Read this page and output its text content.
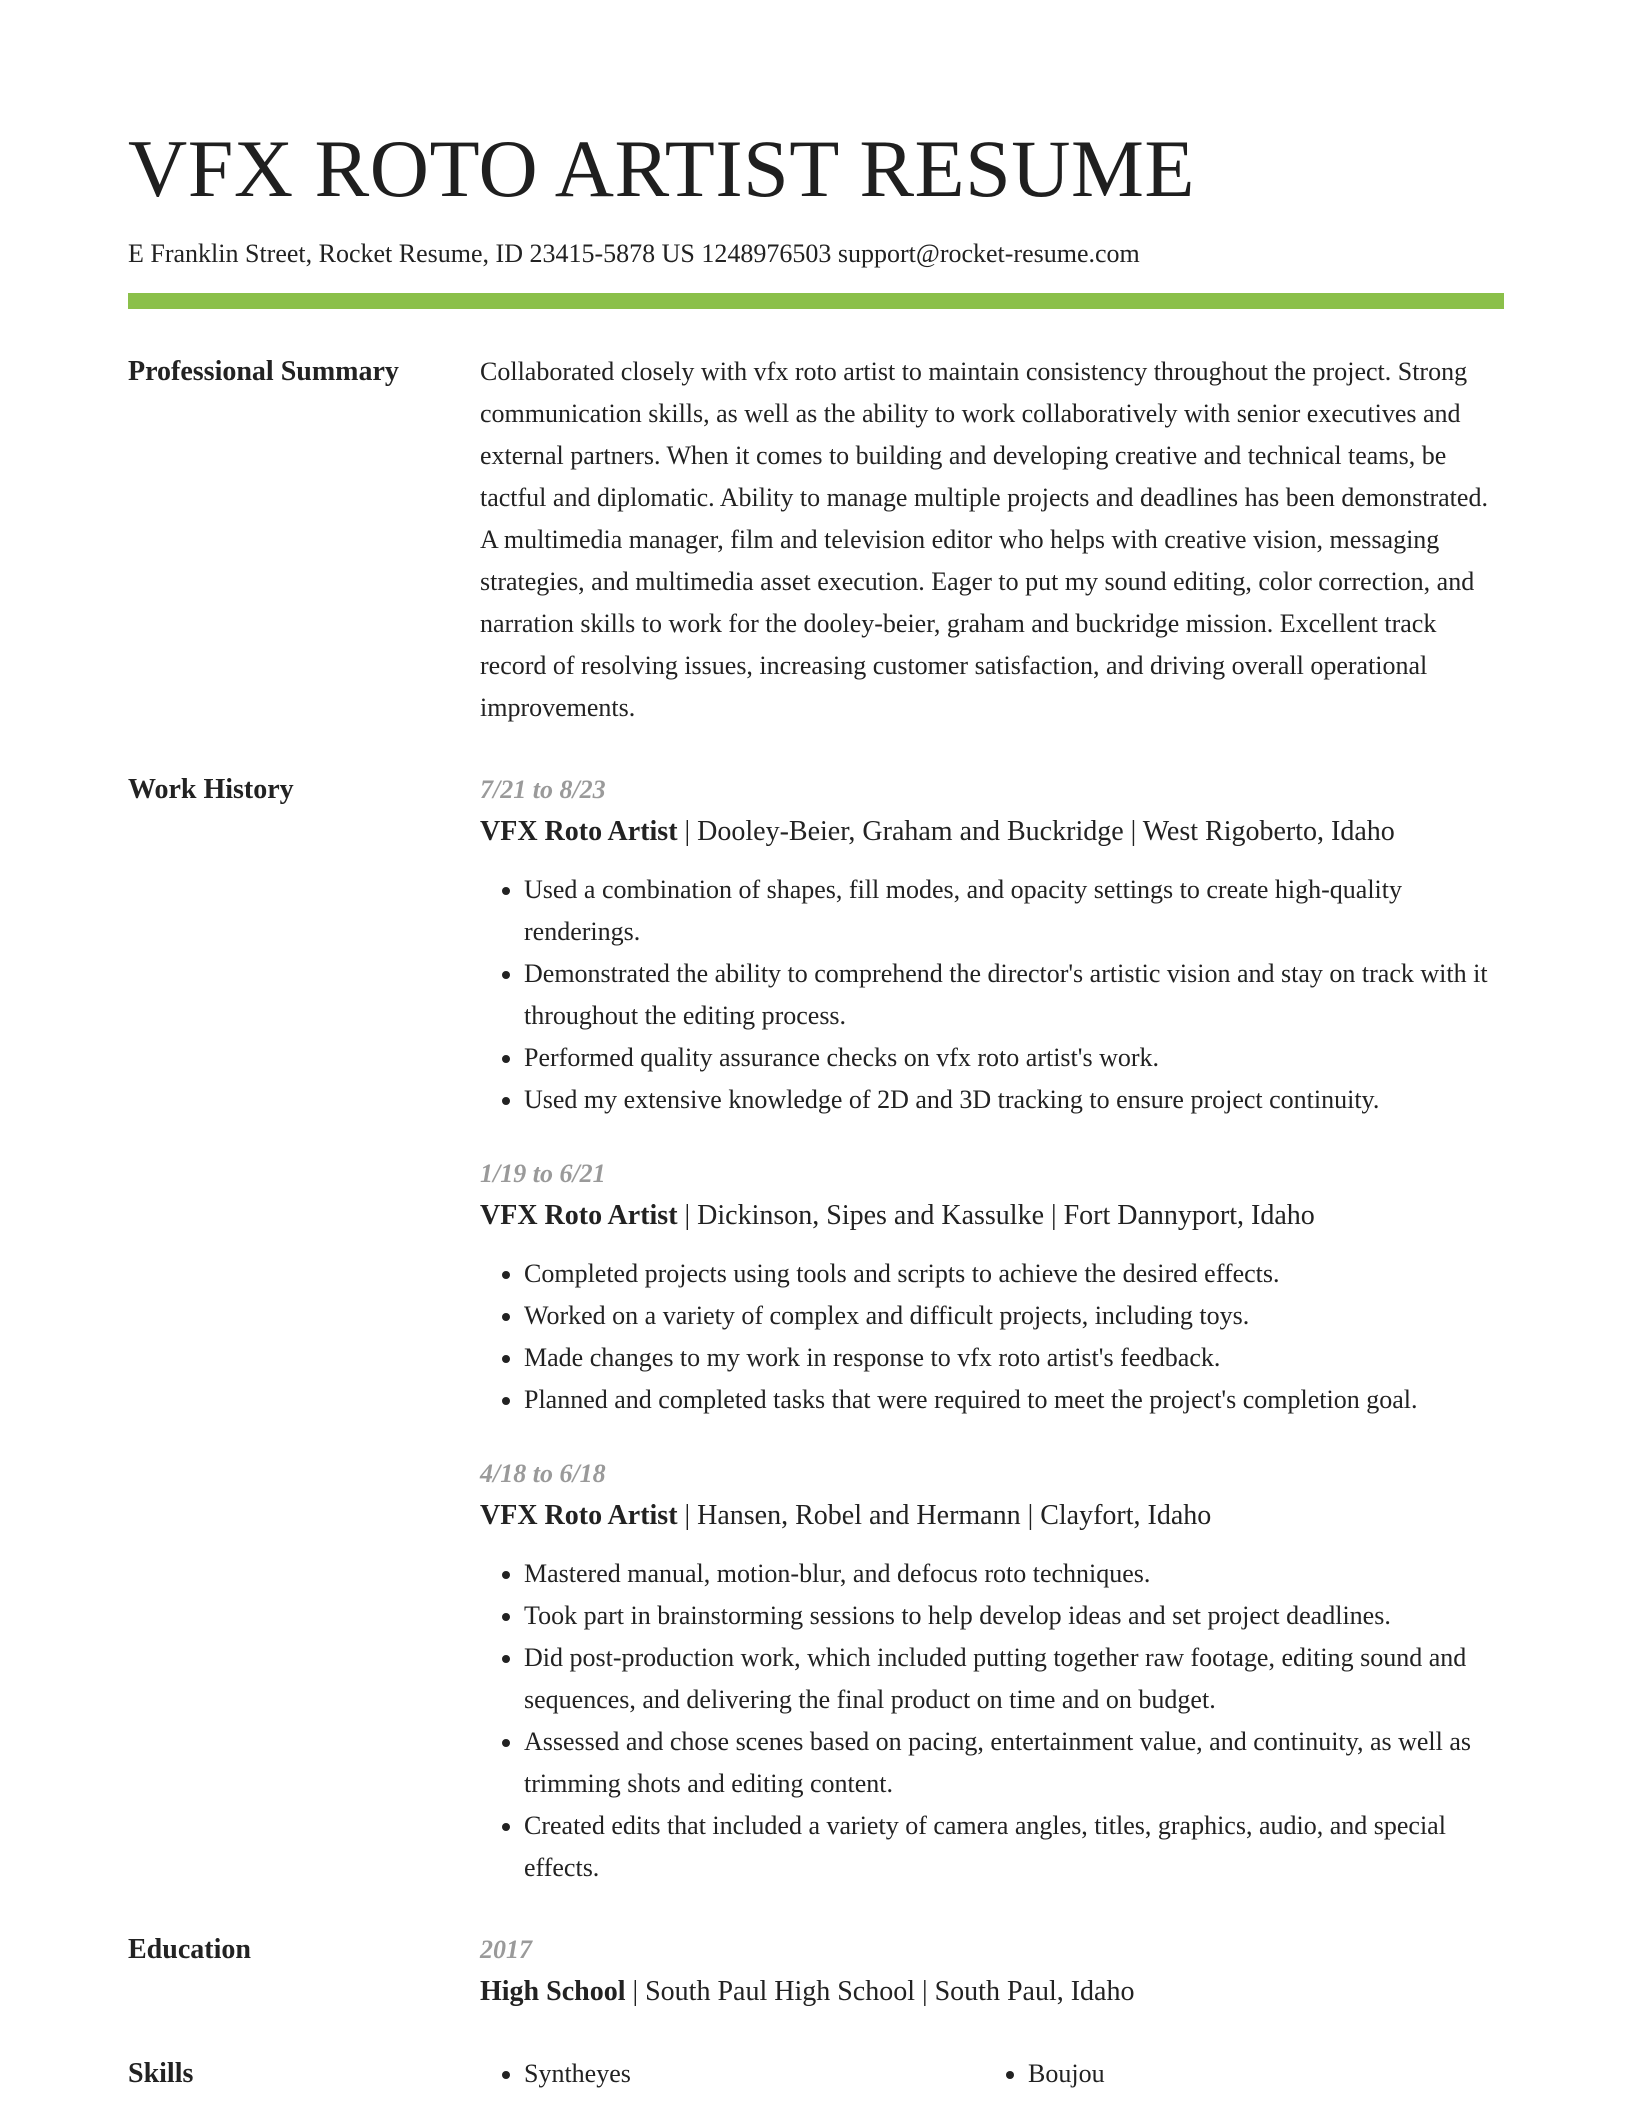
VFX ROTO ARTIST RESUME
E Franklin Street, Rocket Resume, ID 23415-5878 US 1248976503 support@rocket-resume.com
Professional Summary	Collaborated closely with vfx roto artist to maintain consistency throughout the project. Strong communication skills, as well as the ability to work collaboratively with senior executives and external partners. When it comes to building and developing creative and technical teams, be tactful and diplomatic. Ability to manage multiple projects and deadlines has been demonstrated. A multimedia manager, film and television editor who helps with creative vision, messaging strategies, and multimedia asset execution. Eager to put my sound editing, color correction, and narration skills to work for the dooley-beier, graham and buckridge mission. Excellent track record of resolving issues, increasing customer satisfaction, and driving overall operational improvements.

Work History	7/21 to 8/23
VFX Roto Artist | Dooley-Beier, Graham and Buckridge | West Rigoberto, Idaho
• Used a combination of shapes, fill modes, and opacity settings to create high-quality renderings.
• Demonstrated the ability to comprehend the director's artistic vision and stay on track with it throughout the editing process.
• Performed quality assurance checks on vfx roto artist's work.
• Used my extensive knowledge of 2D and 3D tracking to ensure project continuity.
1/19 to 6/21
VFX Roto Artist | Dickinson, Sipes and Kassulke | Fort Dannyport, Idaho
• Completed projects using tools and scripts to achieve the desired effects.
• Worked on a variety of complex and difficult projects, including toys.
• Made changes to my work in response to vfx roto artist's feedback.
• Planned and completed tasks that were required to meet the project's completion goal.
4/18 to 6/18
VFX Roto Artist | Hansen, Robel and Hermann | Clayfort, Idaho
• Mastered manual, motion-blur, and defocus roto techniques.
• Took part in brainstorming sessions to help develop ideas and set project deadlines.
• Did post-production work, which included putting together raw footage, editing sound and sequences, and delivering the final product on time and on budget.
• Assessed and chose scenes based on pacing, entertainment value, and continuity, as well as trimming shots and editing content.
• Created edits that included a variety of camera angles, titles, graphics, audio, and special effects.
Education	2017
High School | South Paul High School | South Paul, Idaho
Skills	• Syntheyes	• Boujou
